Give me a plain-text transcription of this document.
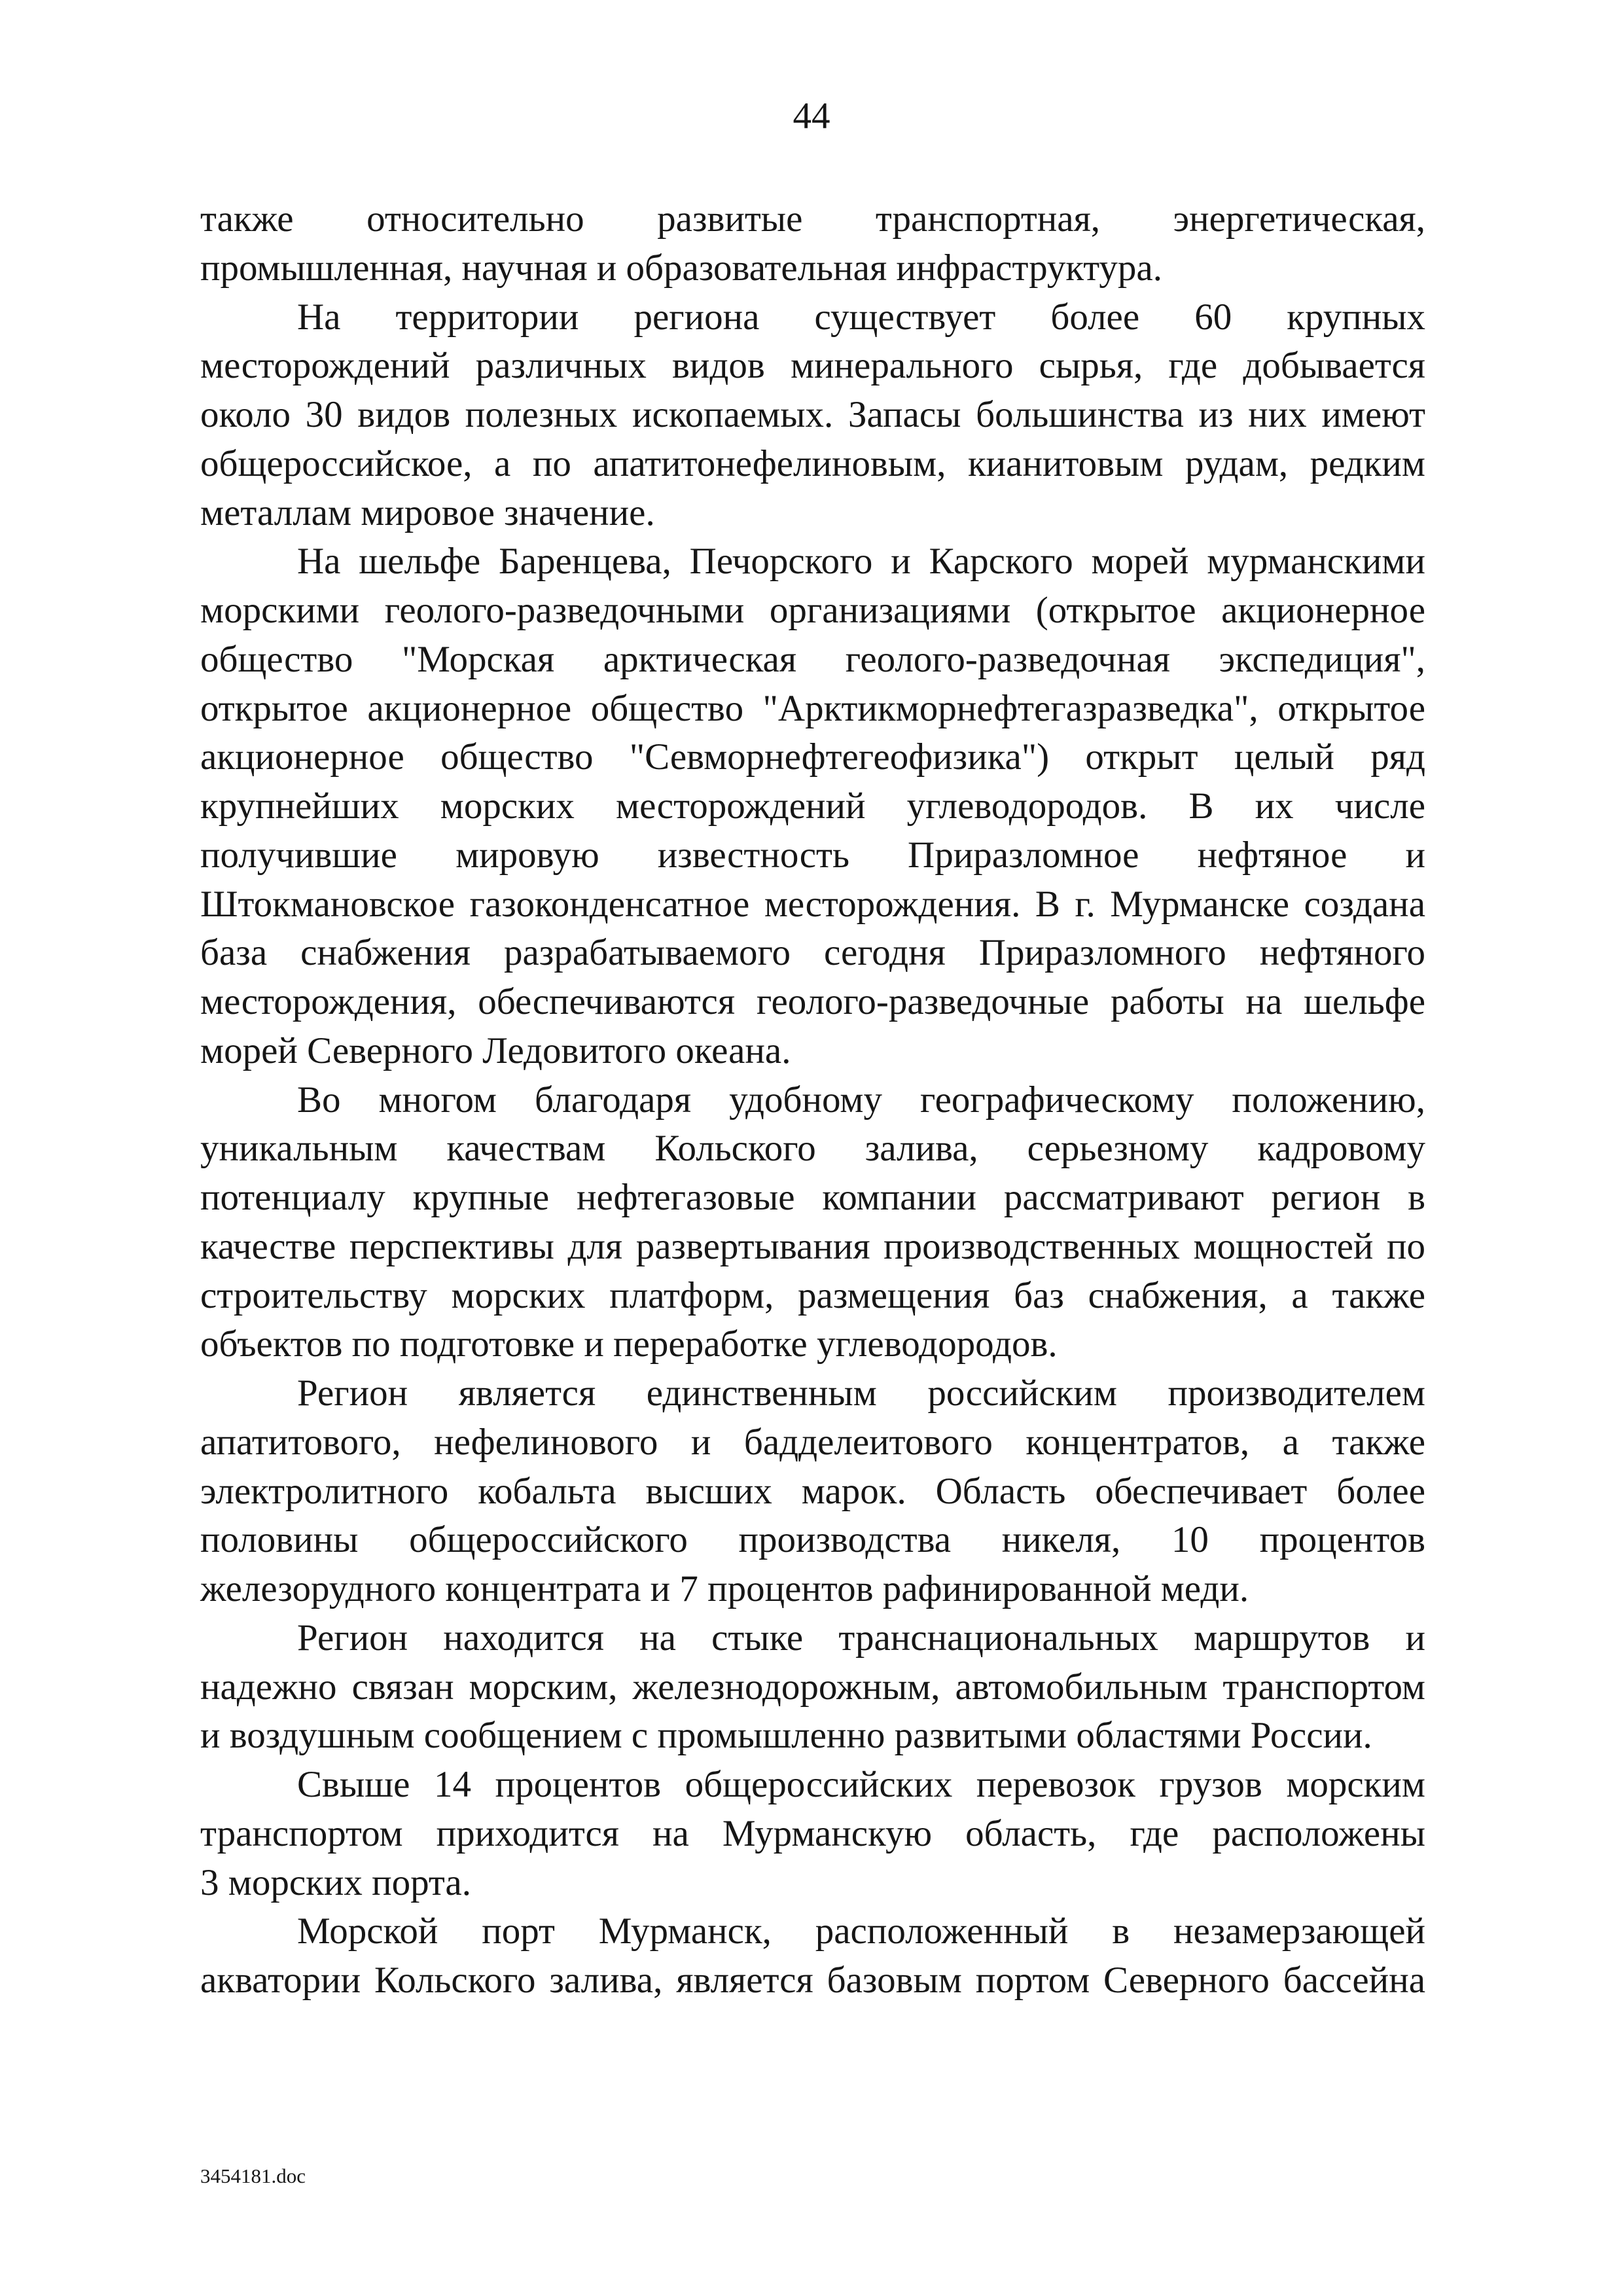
44
также относительно развитые транспортная, энергетическая,
промышленная, научная и образовательная инфраструктура.
На территории региона существует более 60 крупных
месторождений различных видов минерального сырья, где добывается
около 30 видов полезных ископаемых. Запасы большинства из них имеют
общероссийское, а по апатитонефелиновым, кианитовым рудам, редким
металлам мировое значение.
На шельфе Баренцева, Печорского и Карского морей мурманскими
морскими геолого-разведочными организациями (открытое акционерное
общество "Морская арктическая геолого-разведочная экспедиция",
открытое акционерное общество "Арктикморнефтегазразведка", открытое
акционерное общество "Севморнефтегеофизика") открыт целый ряд
крупнейших морских месторождений углеводородов. В их числе
получившие мировую известность Приразломное нефтяное и
Штокмановское газоконденсатное месторождения. В г. Мурманске создана
база снабжения разрабатываемого сегодня Приразломного нефтяного
месторождения, обеспечиваются геолого-разведочные работы на шельфе
морей Северного Ледовитого океана.
Во многом благодаря удобному географическому положению,
уникальным качествам Кольского залива, серьезному кадровому
потенциалу крупные нефтегазовые компании рассматривают регион в
качестве перспективы для развертывания производственных мощностей по
строительству морских платформ, размещения баз снабжения, а также
объектов по подготовке и переработке углеводородов.
Регион является единственным российским производителем
апатитового, нефелинового и бадделеитового концентратов, а также
электролитного кобальта высших марок. Область обеспечивает более
половины общероссийского производства никеля, 10 процентов
железорудного концентрата и 7 процентов рафинированной меди.
Регион находится на стыке транснациональных маршрутов и
надежно связан морским, железнодорожным, автомобильным транспортом
и воздушным сообщением с промышленно развитыми областями России.
Свыше 14 процентов общероссийских перевозок грузов морским
транспортом приходится на Мурманскую область, где расположены
3 морских порта.
Морской порт Мурманск, расположенный в незамерзающей
акватории Кольского залива, является базовым портом Северного бассейна
3454181.doc
